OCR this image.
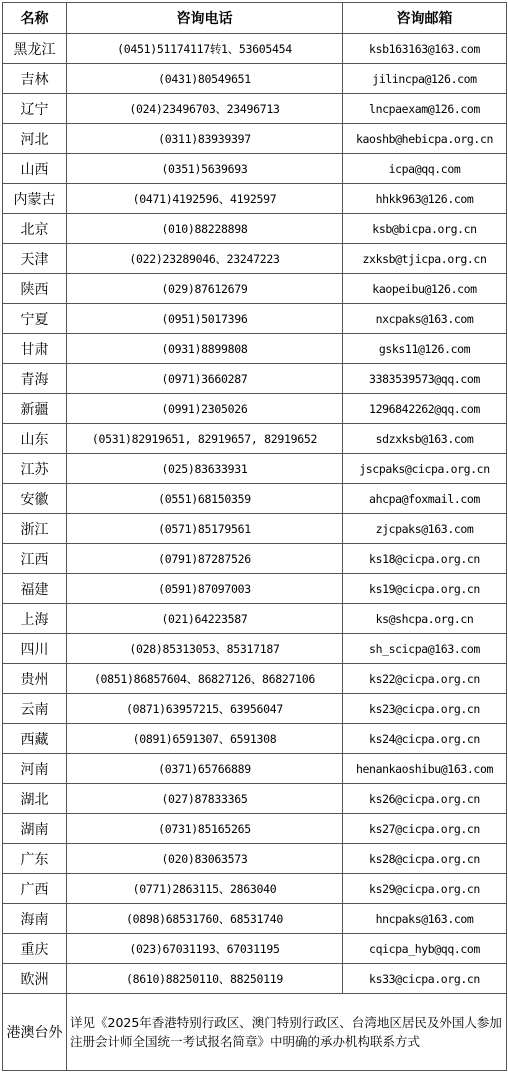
名称	咨询电话	咨询邮箱
黑龙江	(0451)51174117转1、53605454	ksb163163@163.com
吉林	(0431)80549651	jilincpa@126.com
辽宁	(024)23496703、23496713	lncpaexam@126.com
河北	(0311)83939397	kaoshb@hebicpa.org.cn
山西	(0351)5639693	icpa@qq.com
内蒙古	(0471)4192596、4192597	hhkk963@126.com
北京	(010)88228898	ksb@bicpa.org.cn
天津	(022)23289046、23247223	zxksb@tjicpa.org.cn
陕西	(029)87612679	kaopeibu@126.com
宁夏	(0951)5017396	nxcpaks@163.com
甘肃	(0931)8899808	gsks11@126.com
青海	(0971)3660287	3383539573@qq.com
新疆	(0991)2305026	1296842262@qq.com
山东	(0531)82919651, 82919657, 82919652	sdzxksb@163.com
江苏	(025)83633931	jscpaks@cicpa.org.cn
安徽	(0551)68150359	ahcpa@foxmail.com
浙江	(0571)85179561	zjcpaks@163.com
江西	(0791)87287526	ks18@cicpa.org.cn
福建	(0591)87097003	ks19@cicpa.org.cn
上海	(021)64223587	ks@shcpa.org.cn
四川	(028)85313053、85317187	sh_scicpa@163.com
贵州	(0851)86857604、86827126、86827106	ks22@cicpa.org.cn
云南	(0871)63957215、63956047	ks23@cicpa.org.cn
西藏	(0891)6591307、6591308	ks24@cicpa.org.cn
河南	(0371)65766889	henankaoshibu@163.com
湖北	(027)87833365	ks26@cicpa.org.cn
湖南	(0731)85165265	ks27@cicpa.org.cn
广东	(020)83063573	ks28@cicpa.org.cn
广西	(0771)2863115、2863040	ks29@cicpa.org.cn
海南	(0898)68531760、68531740	hncpaks@163.com
重庆	(023)67031193、67031195	cqicpa_hyb@qq.com
欧洲	(8610)88250110、88250119	ks33@cicpa.org.cn
港澳台外	详见《2025年香港特别行政区、澳门特别行政区、台湾地区居民及外国人参加注册会计师全国统一考试报名简章》中明确的承办机构联系方式	
